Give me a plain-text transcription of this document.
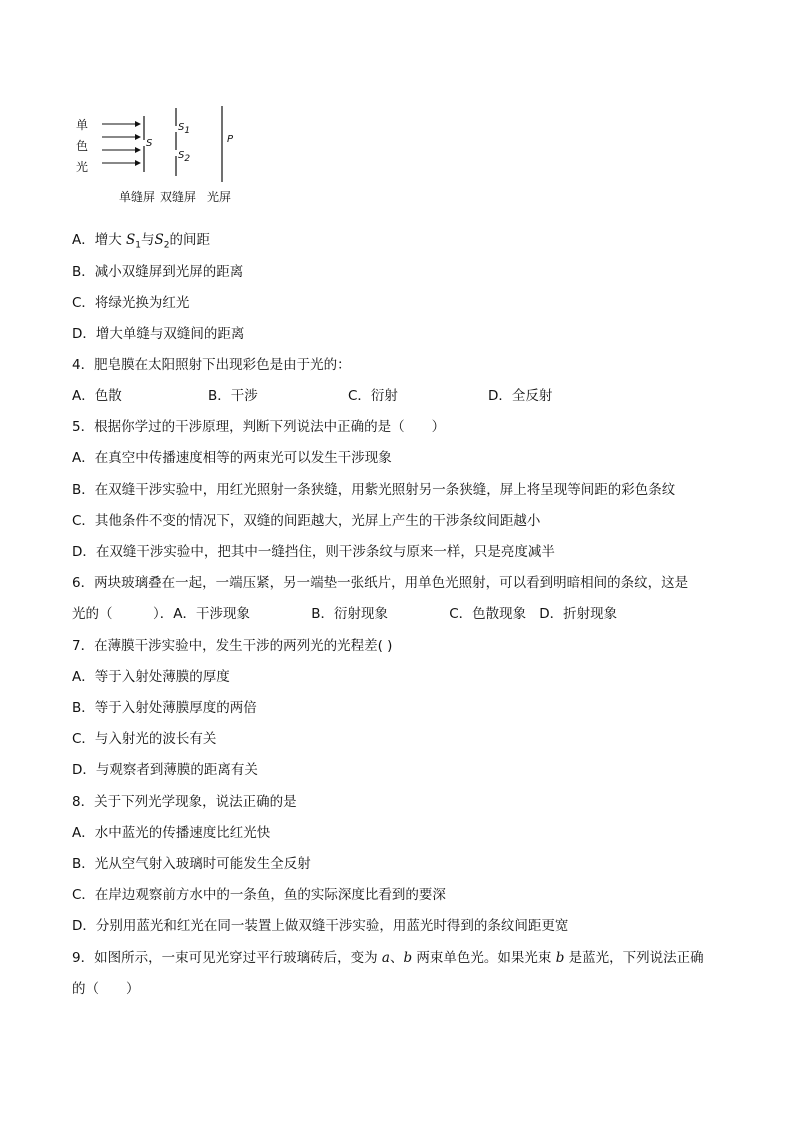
单
色
光
S
$S_1$
$S_2$
P
单缝屏 双缝屏 光屏
A．增大 $S_1$与$S_2$的间距
B．减小双缝屏到光屏的距离
C．将绿光换为红光
D．增大单缝与双缝间的距离
4．肥皂膜在太阳照射下出现彩色是由于光的：
A．色散	B．干涉	C．衍射	D．全反射
5．根据你学过的干涉原理，判断下列说法中正确的是（　　）
A．在真空中传播速度相等的两束光可以发生干涉现象
B．在双缝干涉实验中，用红光照射一条狭缝，用紫光照射另一条狭缝，屏上将呈现等间距的彩色条纹
C．其他条件不变的情况下，双缝的间距越大，光屏上产生的干涉条纹间距越小
D．在双缝干涉实验中，把其中一缝挡住，则干涉条纹与原来一样，只是亮度减半
6．两块玻璃叠在一起，一端压紧，另一端垫一张纸片，用单色光照射，可以看到明暗相间的条纹，这是
光的（　　　）．A．干涉现象	B．衍射现象	C．色散现象 D．折射现象
7．在薄膜干涉实验中，发生干涉的两列光的光程差( )
A．等于入射处薄膜的厚度
B．等于入射处薄膜厚度的两倍
C．与入射光的波长有关
D．与观察者到薄膜的距离有关
8．关于下列光学现象，说法正确的是
A．水中蓝光的传播速度比红光快
B．光从空气射入玻璃时可能发生全反射
C．在岸边观察前方水中的一条鱼，鱼的实际深度比看到的要深
D．分别用蓝光和红光在同一装置上做双缝干涉实验，用蓝光时得到的条纹间距更宽
9．如图所示，一束可见光穿过平行玻璃砖后，变为 a、b 两束单色光。如果光束 b 是蓝光，下列说法正确
的（　　）
